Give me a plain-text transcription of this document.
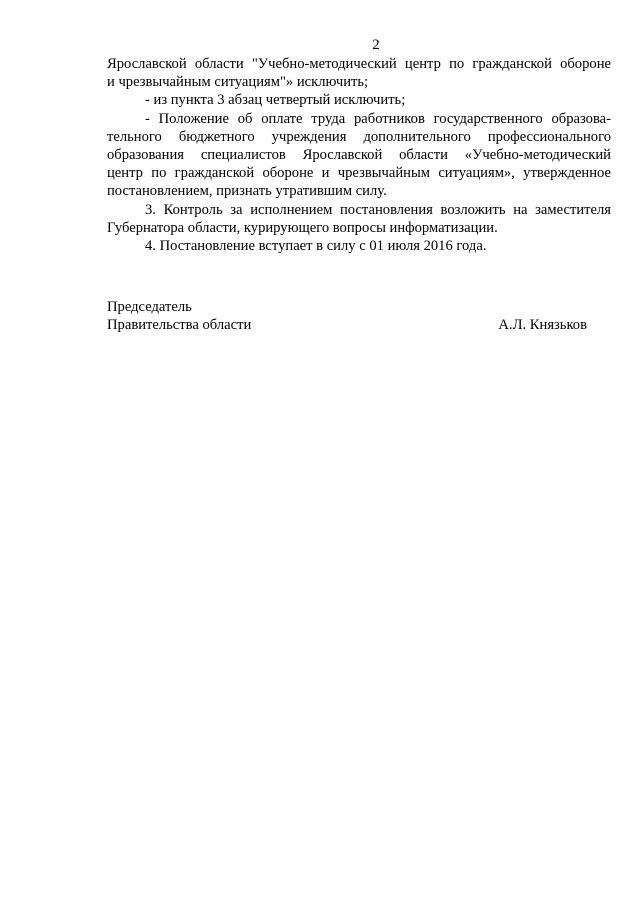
2

Ярославской области "Учебно-методический центр по гражданской обороне
и чрезвычайным ситуациям"» исключить;

- из пункта 3 абзац четвертый исключить;

- Положение об оплате труда работников государственного образова-
тельного бюджетного учреждения дополнительного профессионального
образования специалистов Ярославской области «Учебно-методический
центр по гражданской обороне и чрезвычайным ситуациям», утвержденное
постановлением, признать утратившим силу.

3. Контроль за исполнением постановления возложить на заместителя
Губернатора области, курирующего вопросы информатизации.

4. Постановление вступает в силу с 01 июля 2016 года.

Председатель
Правительства области	А.Л. Князьков
